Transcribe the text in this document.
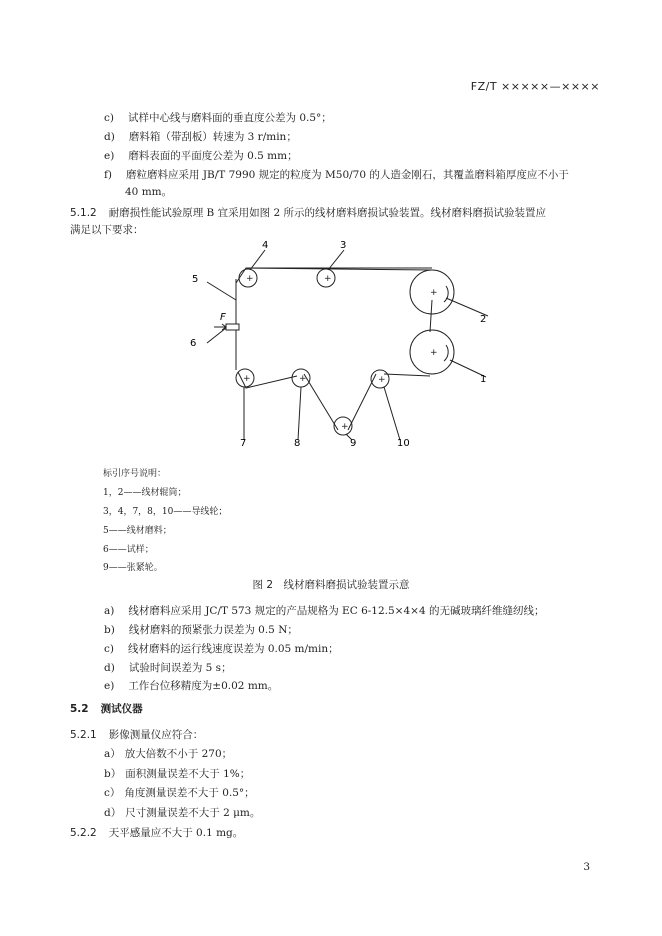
FZ/T ×××××—××××
c) 试样中心线与磨料面的垂直度公差为 0.5°；
d) 磨料箱（带刮板）转速为 3 r/min；
e) 磨料表面的平面度公差为 0.5 mm；
f) 磨粒磨料应采用 JB/T 7990 规定的粒度为 M50/70 的人造金刚石，其覆盖磨料箱厚度应不小于
40 mm。
5.1.2 耐磨损性能试验原理 B 宜采用如图 2 所示的线材磨料磨损试验装置。线材磨料磨损试验装置应
满足以下要求：
+
+
+	+
+	+	+
+
4	3
5
6
F	2
1
7	8	9	10
标引序号说明：
1，2——线材辊筒；
3，4，7，8，10——导线轮；
5——线材磨料；
6——试样；
9——张紧轮。
图 2　线材磨料磨损试验装置示意
a) 线材磨料应采用 JC/T 573 规定的产品规格为 EC 6-12.5×4×4 的无碱玻璃纤维缝纫线；
b) 线材磨料的预紧张力误差为 0.5 N；
c) 线材磨料的运行线速度误差为 0.05 m/min；
d) 试验时间误差为 5 s；
e) 工作台位移精度为±0.02 mm。
5.2 测试仪器
5.2.1 影像测量仪应符合：
a） 放大倍数不小于 270；
b） 面积测量误差不大于 1%；
c） 角度测量误差不大于 0.5°；
d） 尺寸测量误差不大于 2 μm。
5.2.2 天平感量应不大于 0.1 mg。
3
